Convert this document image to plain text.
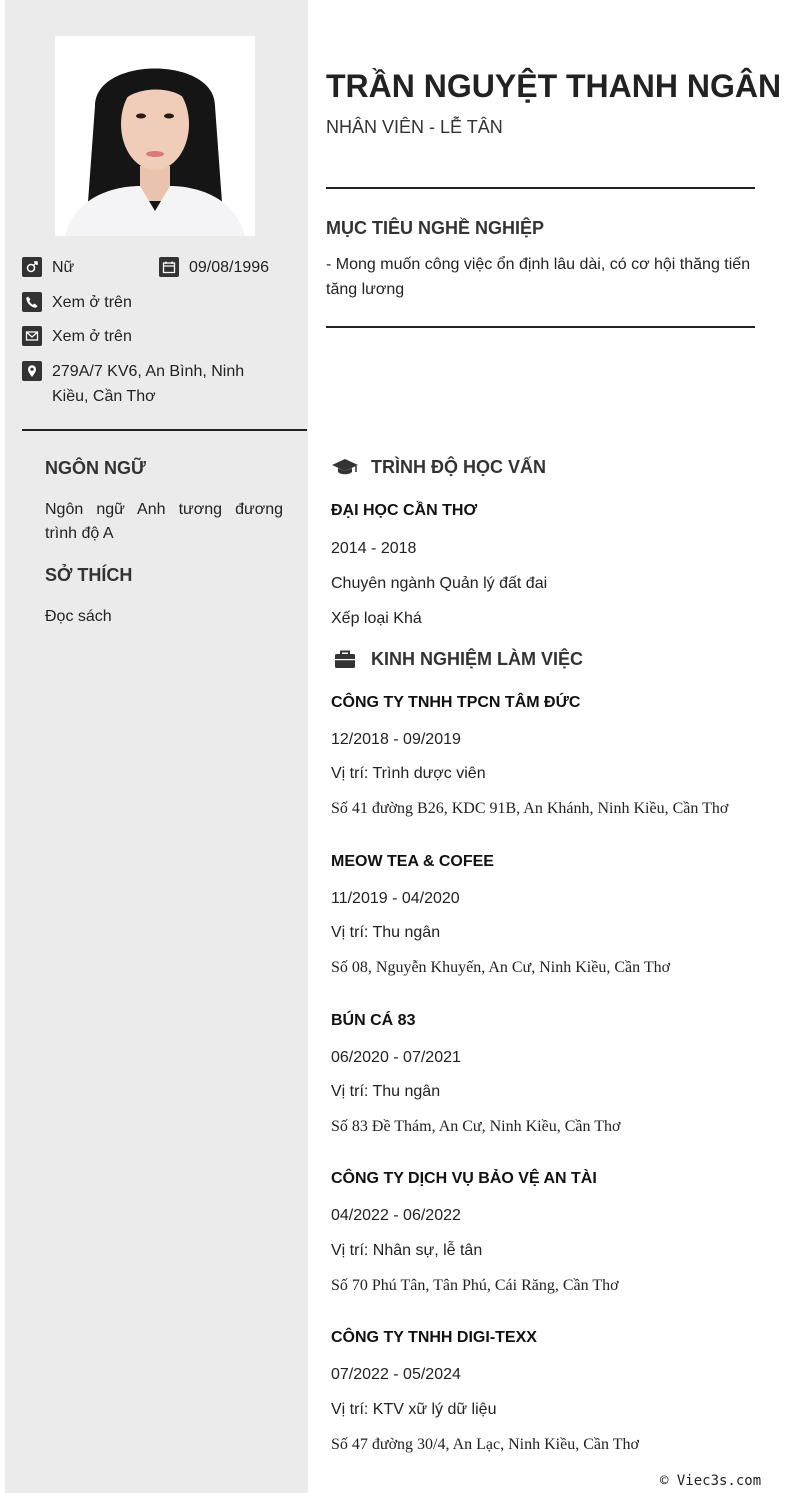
Nữ	09/08/1996
Xem ở trên
Xem ở trên
279A/7 KV6, An Bình, Ninh Kiều, Cần Thơ
NGÔN NGỮ
Ngôn ngữ Anh tương đương trình độ A
SỞ THÍCH
Đọc sách
TRẦN NGUYỆT THANH NGÂN
NHÂN VIÊN - LỄ TÂN
MỤC TIÊU NGHỀ NGHIỆP
- Mong muốn công việc ổn định lâu dài, có cơ hội thăng tiến tăng lương
TRÌNH ĐỘ HỌC VẤN
ĐẠI HỌC CẦN THƠ
2014 - 2018
Chuyên ngành Quản lý đất đai
Xếp loại Khá
KINH NGHIỆM LÀM VIỆC
CÔNG TY TNHH TPCN TÂM ĐỨC
12/2018 - 09/2019
Vị trí: Trình dược viên
Số 41 đường B26, KDC 91B, An Khánh, Ninh Kiều, Cần Thơ
MEOW TEA & COFEE
11/2019 - 04/2020
Vị trí: Thu ngân
Số 08, Nguyễn Khuyến, An Cư, Ninh Kiều, Cần Thơ
BÚN CÁ 83
06/2020 - 07/2021
Vị trí: Thu ngân
Số 83 Đề Thám, An Cư, Ninh Kiều, Cần Thơ
CÔNG TY DỊCH VỤ BẢO VỆ AN TÀI
04/2022 - 06/2022
Vị trí: Nhân sự, lễ tân
Số 70 Phú Tân, Tân Phú, Cái Răng, Cần Thơ
CÔNG TY TNHH DIGI-TEXX
07/2022 - 05/2024
Vị trí: KTV xữ lý dữ liệu
Số 47 đường 30/4, An Lạc, Ninh Kiều, Cần Thơ
© Viec3s.com
